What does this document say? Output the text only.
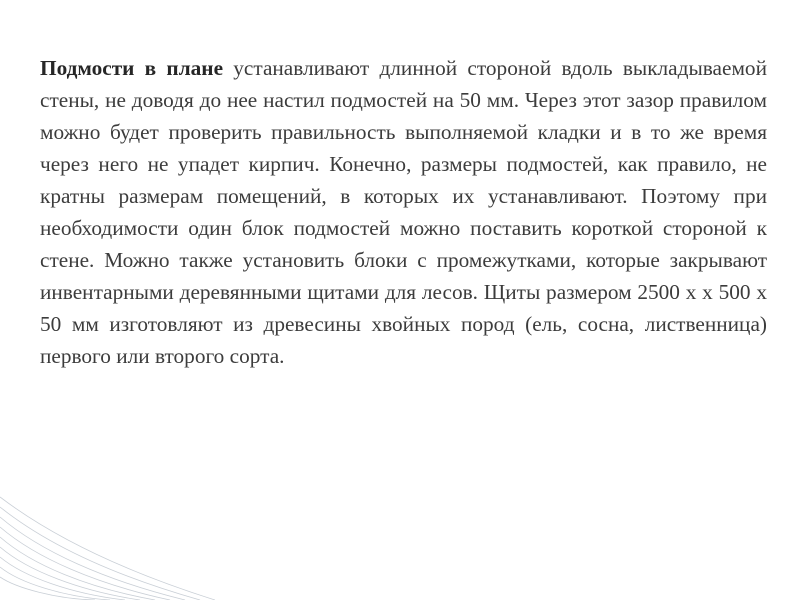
Подмости в плане устанавливают длинной стороной вдоль выкладываемой стены, не доводя до нее настил подмостей на 50 мм. Через этот зазор правилом можно будет проверить правильность выполняемой кладки и в то же время через него не упадет кирпич. Конечно, размеры подмостей, как правило, не кратны размерам помещений, в которых их устанавливают. Поэтому при необходимости один блок подмостей можно поставить короткой стороной к стене. Можно также установить блоки с промежутками, которые закрывают инвентарными деревянными щитами для лесов. Щиты размером 2500 х х 500 х 50 мм изготовляют из древесины хвойных пород (ель, сосна, лиственница) первого или второго сорта.
